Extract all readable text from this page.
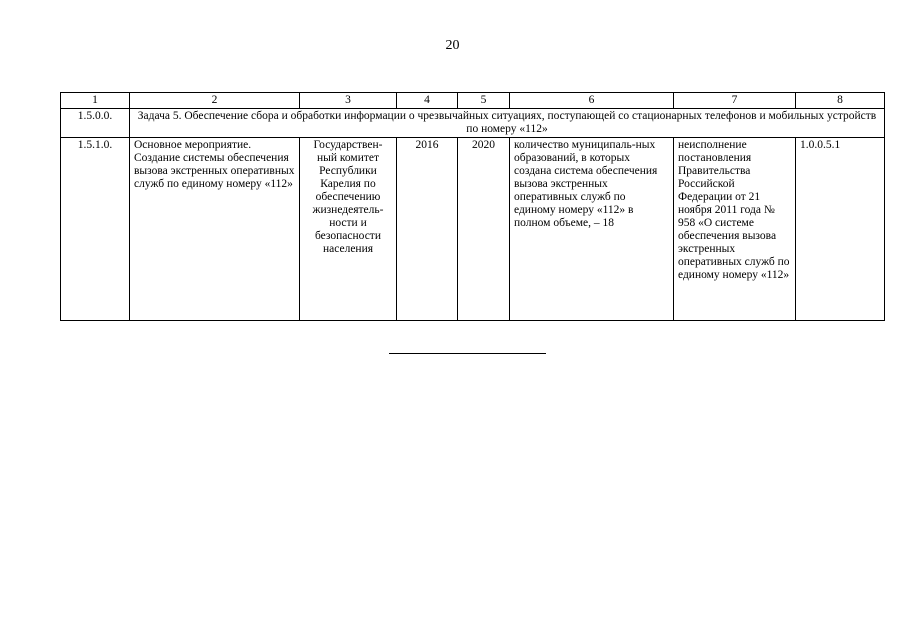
20
1	2	3	4	5	6	7	8
1.5.0.0.	Задача 5. Обеспечение сбора и обработки информации о чрезвычайных ситуациях, поступающей со стационарных телефонов и мобильных устройств по номеру «112»						
1.5.1.0.	Основное мероприятие. Создание системы обеспечения вызова экстренных оперативных служб по единому номеру «112»	Государствен-ный комитет Республики Карелия по обеспечению жизнедеятель-ности и безопасности населения	2016	2020	количество муниципаль-ных образований, в которых создана система обеспечения вызова экстренных оперативных служб по единому номеру «112» в полном объеме, – 18	неисполнение постановления Правительства Российской Федерации от 21 ноября 2011 года № 958 «О системе обеспечения вызова экстренных оперативных служб по единому номеру «112»	1.0.0.5.1
